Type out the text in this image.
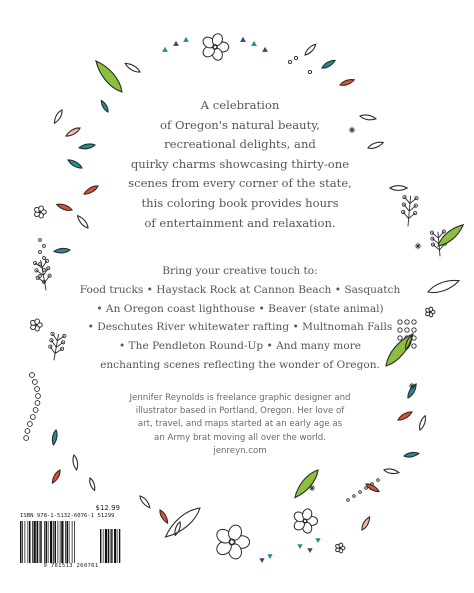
A celebration
of Oregon's natural beauty,
recreational delights, and
quirky charms showcasing thirty-one
scenes from every corner of the state,
this coloring book provides hours
of entertainment and relaxation.
Bring your creative touch to:
Food trucks • Haystack Rock at Cannon Beach • Sasquatch
• An Oregon coast lighthouse • Beaver (state animal)
• Deschutes River whitewater rafting • Multnomah Falls
• The Pendleton Round-Up • And many more
enchanting scenes reflecting the wonder of Oregon.
Jennifer Reynolds is freelance graphic designer and
illustrator based in Portland, Oregon. Her love of
art, travel, and maps started at an early age as
an Army brat moving all over the world.
jenreyn.com
$12.99
ISBN 978-1-5132-6076-1 51299
9 781513 260761
